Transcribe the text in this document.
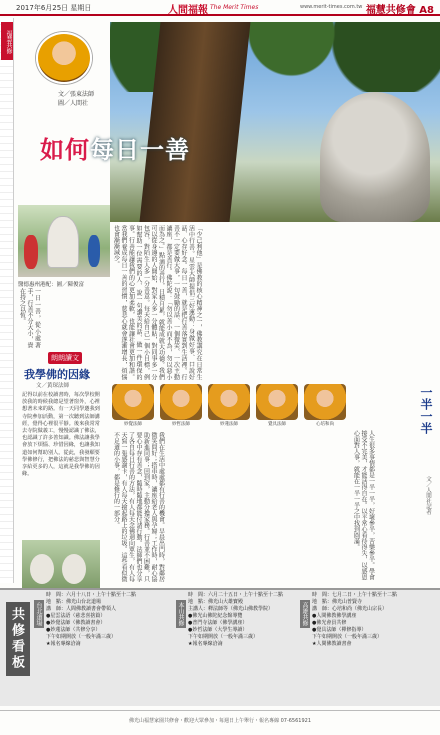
2017年6月25日 星期日	人間福報 The Merit Times	www.merit-times.com.tw 福慧共修會 A8
福慧共修
文／張東法師
圖／人間社
如何每日一善
醫德惠州港配：圖／陳俊富	「少己利他」是佛教的核心精神之一，佛教講究在日常生活中行善。星雲大師提倡三好運動：身做好事、口說好話、心存好念。每日一善，就是把行善落實到生活裡。行善不一定要做大事，一句鼓勵的話、一個微笑、一次主動讓座，都是善行。佛陀說：「勿以善小而不為，勿以惡小而為之。」點滴的善行，日積月累，就能成就大功德。我們可以從身邊的人開始，對家人多一分體貼，對同事多一分包容，對陌生人多一分善意。每天給自己一個小目標，例如幫助一位需要的人、說一句讚美的話、做一件環保的事。行善能讓我們的心更加柔軟，也能讓社會更加和諧。當我們養成每日一善的習慣，慈悲心就會逐漸增長，煩惱也會漸漸減少。
一日一善，從小處著手，行善不分大小，貴在持之以恆。
朗朗讀文
我學佛的因緣
文／黃琛法師
記得以前在校讀書時，每次學校開放我的時候我總是望著窗外，心裡想著未來的路。有一天同學邀我到寺院參加活動，第一次聽到法師講經，覺得心裡很平靜。後來我常常去寺院做義工，慢慢認識了佛法，也認識了許多善知識。佛法讓我學會放下煩惱、珍惜因緣，也讓我知道如何幫助別人。從此，我發願要學佛修行，把佛法的慈悲與智慧分享給更多的人，這就是我學佛的因緣。
妙覺法師	妙哲法師	妙蓮法師	覺具法師	心培和尚
我們在生活中處處都有行善的機會。早晨出門時，對鄰居微笑問好；搭車時，讓座給老人與孕婦；工作時，耐心協助新進同事；回到家，主動分擔家務。行善並不困難，只要心中存有善念，隨時隨地都能付諸行動。法師們也分享了各自每日行善的方法，有人每天念佛迴向眾生，有人每天寫一張感謝卡，有人每天撿起路上的垃圾。這些看似微不足道的小事，都是修行的一部分。
一半一半
文／人間社記者
人生很多事情都是一半一半，好壞參半，苦樂參半。學會接受不完美，才能活得自在。以平常心看待得失，以感恩心面對人事，就能在一半一半之中找到圓滿。
共修看板	台北道場
時　間：六月十八日・上午十點至十二點
地　點：佛光山台北道場
講　師：人間佛教讀書會帶領人
●星雲法語（慈悲喜捨篇）
●妙覺法師（佛教讀書會）
●妙蓮法師（共修分享）
下午如期開放（一般年滿三歲）
★報名專線洽詢
本山共修
時　間：六月二十五日・上午十點至十二點
地　點：佛光山大雄寶殿
主講人：釋法師等（佛光山佛教學院）
●佛光山佛陀紀念館導覽
●普門寺法師（佛學講座）
●妙哲法師（大學生導讀）
下午如期開放（一般年滿三歲）
★報名專線洽詢
高雄共修
時　間：七月二日・上午十點至十二點
地　點：佛光山普賢寺
講　師：心培和尚（佛光山宗長）
●人間佛教佛學講座
●佛光會員共修
●覺具法師（禪修指導）
下午如期開放（一般年滿三歲）
★人間佛教讀書會
佛光山福慧家園共修會・歡迎大眾參加・每週日上午舉行・報名專線 07-6561921
